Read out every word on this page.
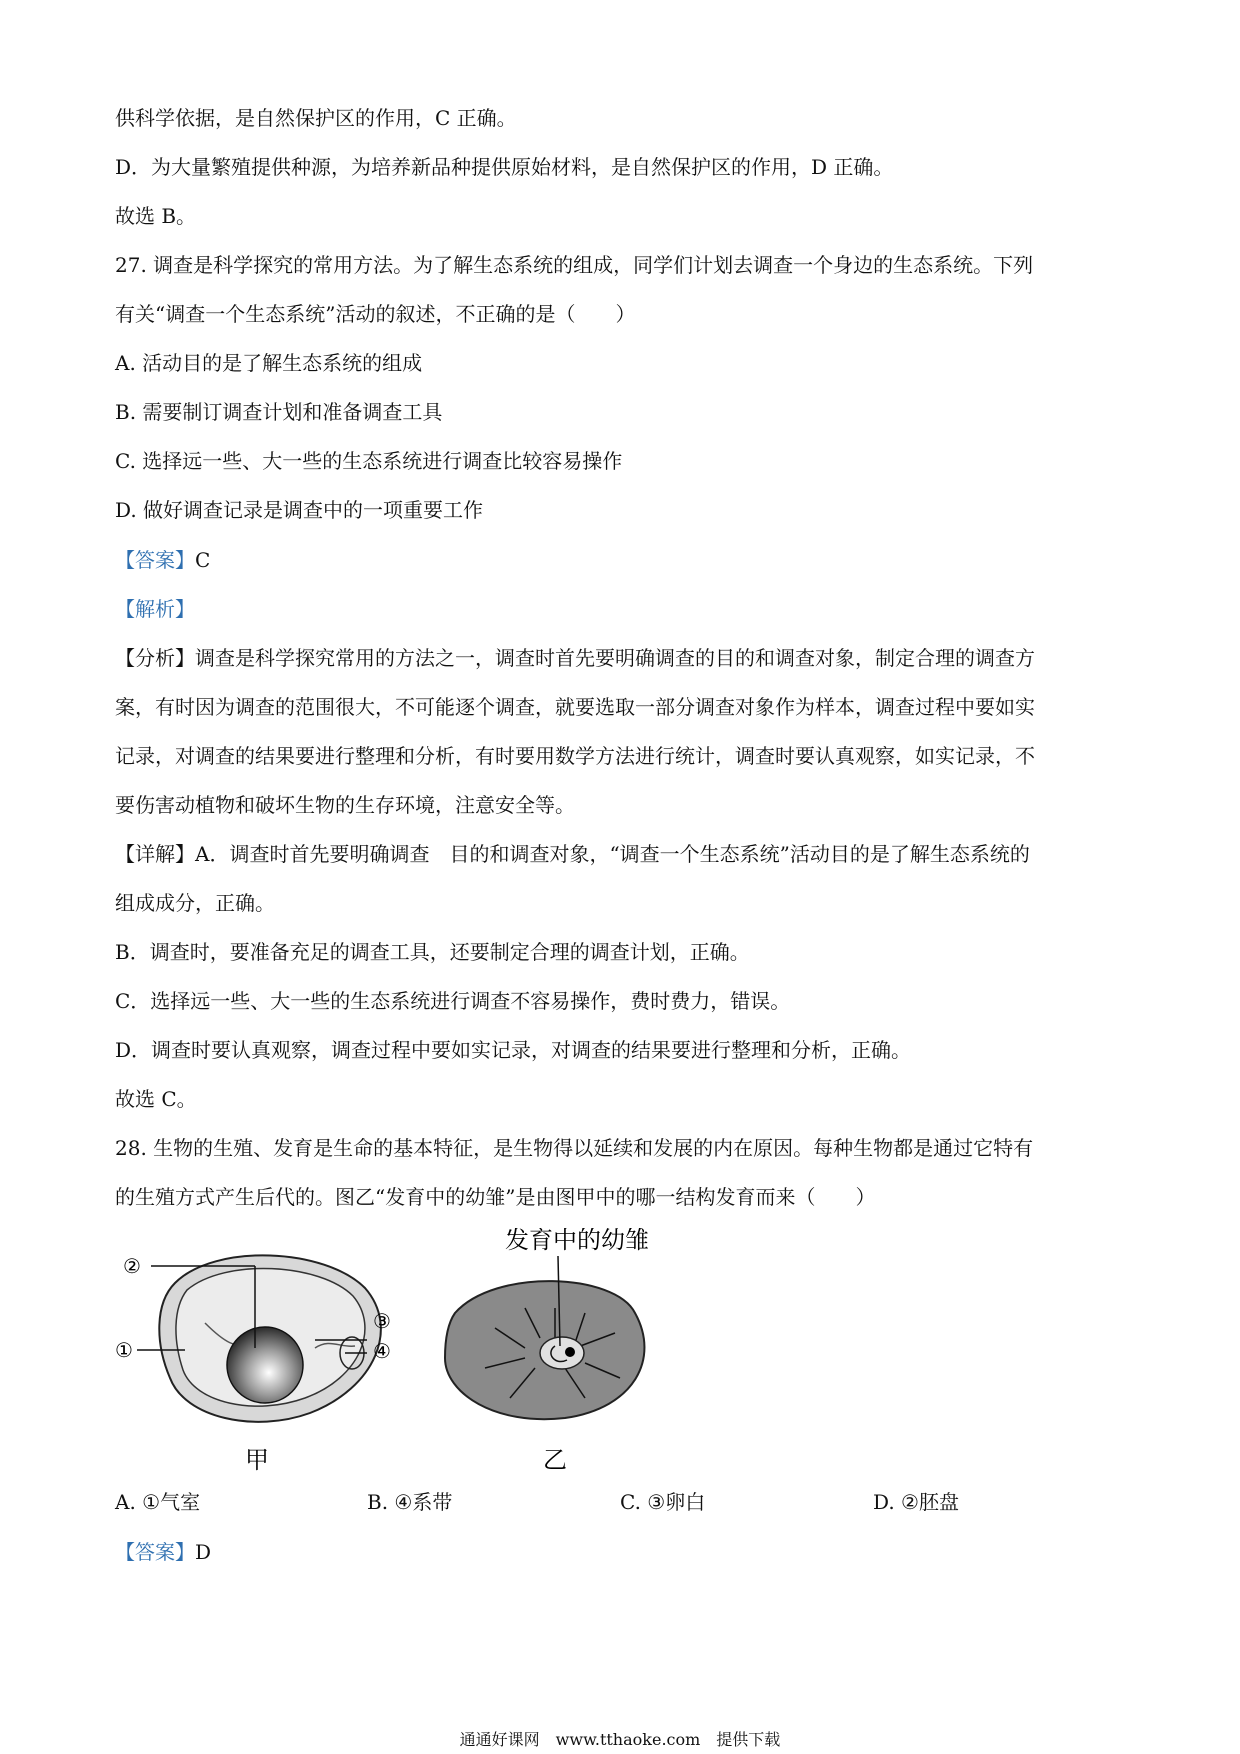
供科学依据，是自然保护区的作用，C 正确。
D．为大量繁殖提供种源，为培养新品种提供原始材料，是自然保护区的作用，D 正确。
故选 B。
27. 调查是科学探究的常用方法。为了解生态系统的组成，同学们计划去调查一个身边的生态系统。下列
有关“调查一个生态系统”活动的叙述，不正确的是（　　）
A. 活动目的是了解生态系统的组成
B. 需要制订调查计划和准备调查工具
C. 选择远一些、大一些的生态系统进行调查比较容易操作
D. 做好调查记录是调查中的一项重要工作
【答案】C
【解析】
【分析】调查是科学探究常用的方法之一，调查时首先要明确调查的目的和调查对象，制定合理的调查方
案，有时因为调查的范围很大，不可能逐个调查，就要选取一部分调查对象作为样本，调查过程中要如实
记录，对调查的结果要进行整理和分析，有时要用数学方法进行统计，调查时要认真观察，如实记录，不
要伤害动植物和破坏生物的生存环境，注意安全等。
【详解】A．调查时首先要明确调查　目的和调查对象，“调查一个生态系统”活动目的是了解生态系统的
组成成分，正确。
B．调查时，要准备充足的调查工具，还要制定合理的调查计划，正确。
C．选择远一些、大一些的生态系统进行调查不容易操作，费时费力，错误。
D．调查时要认真观察，调查过程中要如实记录，对调查的结果要进行整理和分析，正确。
故选 C。
28. 生物的生殖、发育是生命的基本特征，是生物得以延续和发展的内在原因。每种生物都是通过它特有
的生殖方式产生后代的。图乙“发育中的幼雏”是由图甲中的哪一结构发育而来（　　）
②
①
③
④
甲
发育中的幼雏
乙
A. ①气室	B. ④系带	C. ③卵白	D. ②胚盘
【答案】D
通通好课网　www.tthaoke.com　提供下载
